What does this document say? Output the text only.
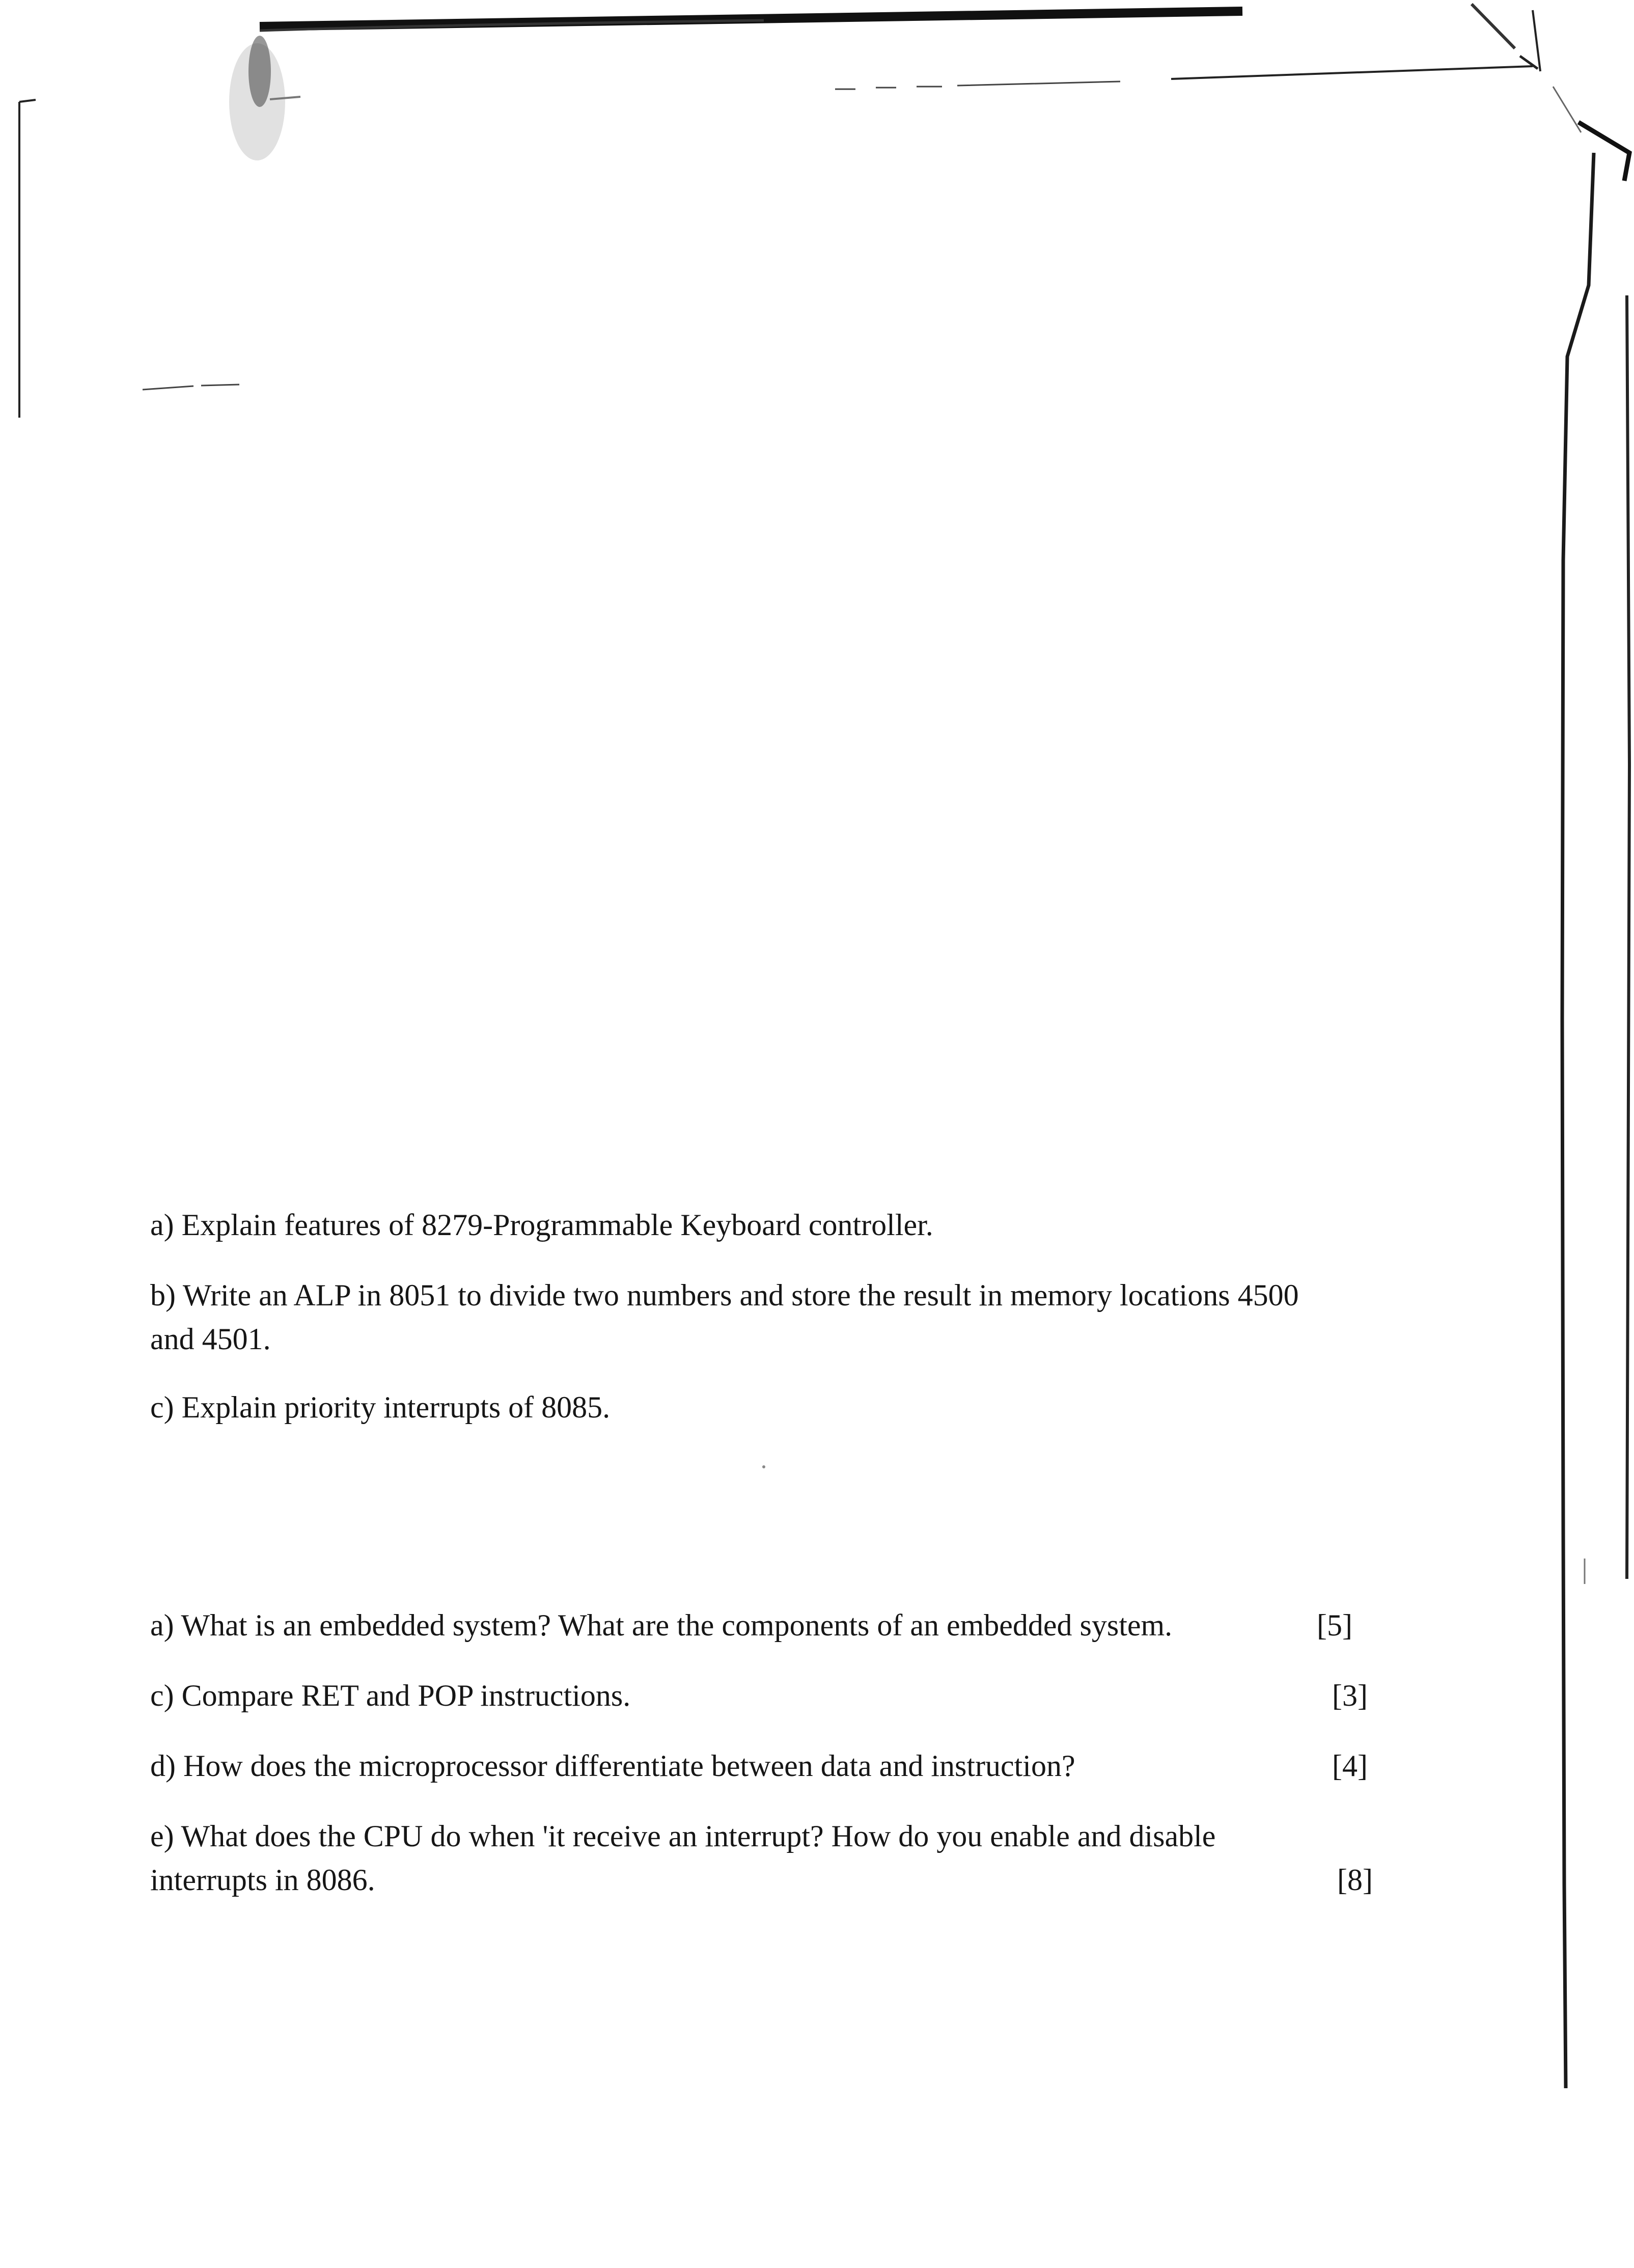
a) Explain features of 8279-Programmable Keyboard controller.

b) Write an ALP in 8051 to divide two numbers and store the result in memory locations 4500

and 4501.

c) Explain priority interrupts of 8085.

a) What is an embedded system? What are the components of an embedded system.	[5]

c) Compare RET and POP instructions.	[3]

d) How does the microprocessor differentiate between data and instruction?	[4]

e) What does the CPU do when 'it receive an interrupt? How do you enable and disable

interrupts in 8086.	[8]
